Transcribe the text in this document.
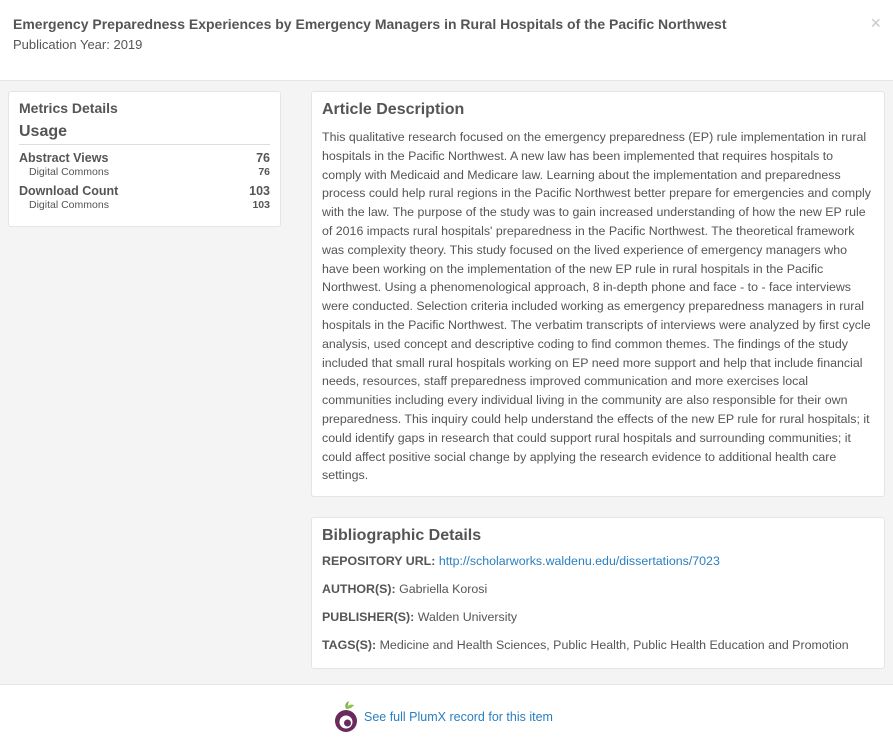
Emergency Preparedness Experiences by Emergency Managers in Rural Hospitals of the Pacific Northwest
Publication Year: 2019
×
Metrics Details
Usage
Abstract Views	76
Digital Commons	76
Download Count	103
Digital Commons	103
Article Description

This qualitative research focused on the emergency preparedness (EP) rule implementation in rural hospitals in the Pacific Northwest. A new law has been implemented that requires hospitals to comply with Medicaid and Medicare law. Learning about the implementation and preparedness process could help rural regions in the Pacific Northwest better prepare for emergencies and comply with the law. The purpose of the study was to gain increased understanding of how the new EP rule of 2016 impacts rural hospitals' preparedness in the Pacific Northwest. The theoretical framework was complexity theory. This study focused on the lived experience of emergency managers who have been working on the implementation of the new EP rule in rural hospitals in the Pacific Northwest. Using a phenomenological approach, 8 in-depth phone and face - to - face interviews were conducted. Selection criteria included working as emergency preparedness managers in rural hospitals in the Pacific Northwest. The verbatim transcripts of interviews were analyzed by first cycle analysis, used concept and descriptive coding to find common themes. The findings of the study included that small rural hospitals working on EP need more support and help that include financial needs, resources, staff preparedness improved communication and more exercises local communities including every individual living in the community are also responsible for their own preparedness. This inquiry could help understand the effects of the new EP rule for rural hospitals; it could identify gaps in research that could support rural hospitals and surrounding communities; it could affect positive social change by applying the research evidence to additional health care settings.

Bibliographic Details
REPOSITORY URL: http://scholarworks.waldenu.edu/dissertations/7023
AUTHOR(S): Gabriella Korosi
PUBLISHER(S): Walden University
TAGS(S): Medicine and Health Sciences, Public Health, Public Health Education and Promotion
See full PlumX record for this item
